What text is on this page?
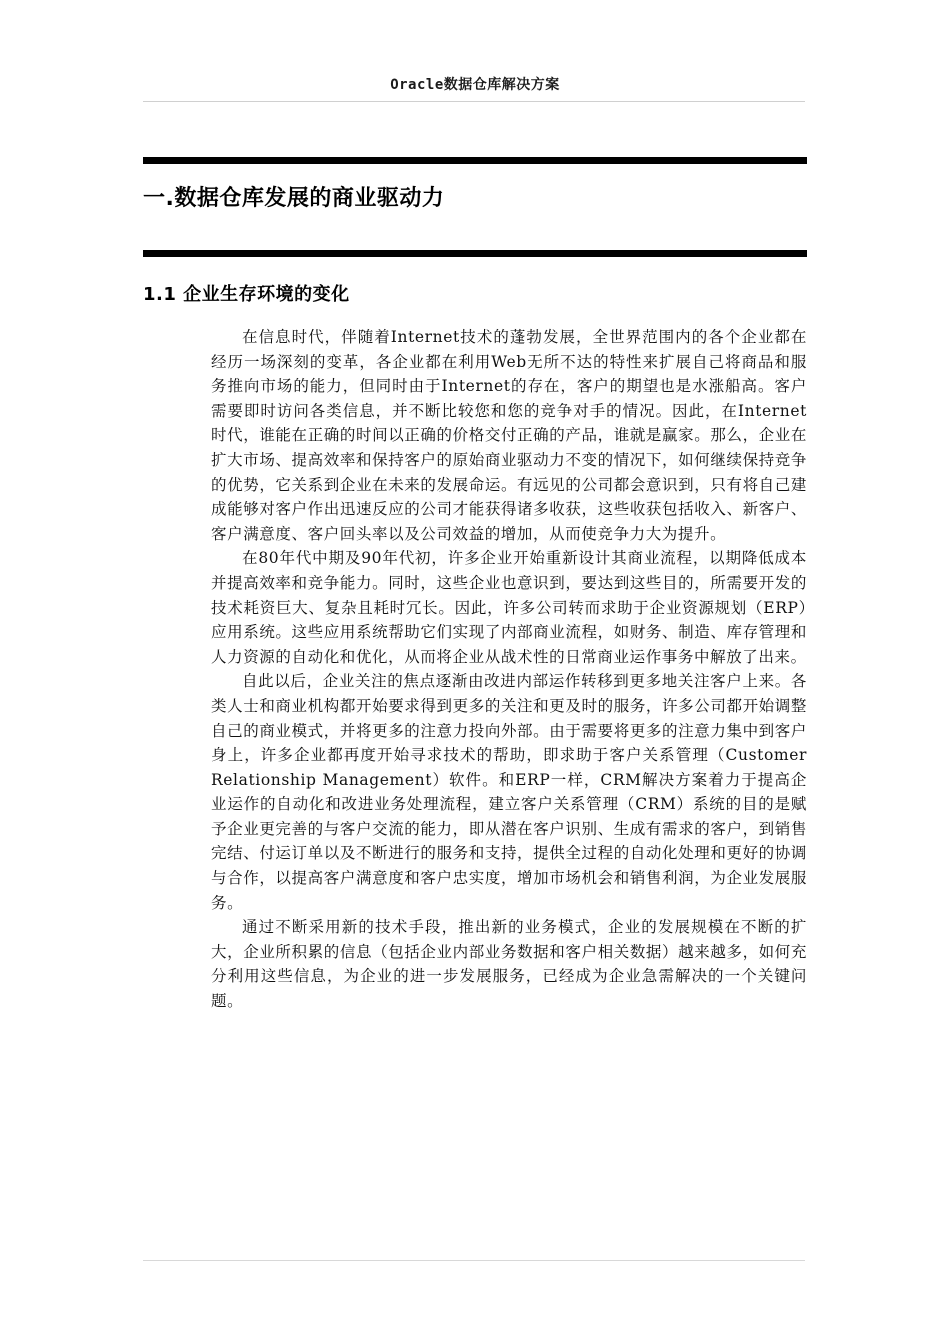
Oracle数据仓库解决方案
一.数据仓库发展的商业驱动力
1.1 企业生存环境的变化

在信息时代，伴随着Internet技术的蓬勃发展，全世界范围内的各个企业都在经历一场深刻的变革，各企业都在利用Web无所不达的特性来扩展自己将商品和服务推向市场的能力，但同时由于Internet的存在，客户的期望也是水涨船高。客户需要即时访问各类信息，并不断比较您和您的竞争对手的情况。因此，在Internet时代，谁能在正确的时间以正确的价格交付正确的产品，谁就是赢家。那么，企业在扩大市场、提高效率和保持客户的原始商业驱动力不变的情况下，如何继续保持竞争的优势，它关系到企业在未来的发展命运。有远见的公司都会意识到，只有将自己建成能够对客户作出迅速反应的公司才能获得诸多收获，这些收获包括收入、新客户、客户满意度、客户回头率以及公司效益的增加，从而使竞争力大为提升。

在80年代中期及90年代初，许多企业开始重新设计其商业流程，以期降低成本并提高效率和竞争能力。同时，这些企业也意识到，要达到这些目的，所需要开发的技术耗资巨大、复杂且耗时冗长。因此，许多公司转而求助于企业资源规划（ERP）应用系统。这些应用系统帮助它们实现了内部商业流程，如财务、制造、库存管理和人力资源的自动化和优化，从而将企业从战术性的日常商业运作事务中解放了出来。

自此以后，企业关注的焦点逐渐由改进内部运作转移到更多地关注客户上来。各类人士和商业机构都开始要求得到更多的关注和更及时的服务，许多公司都开始调整自己的商业模式，并将更多的注意力投向外部。由于需要将更多的注意力集中到客户身上，许多企业都再度开始寻求技术的帮助，即求助于客户关系管理（Customer Relationship Management）软件。和ERP一样，CRM解决方案着力于提高企业运作的自动化和改进业务处理流程，建立客户关系管理（CRM）系统的目的是赋予企业更完善的与客户交流的能力，即从潜在客户识别、生成有需求的客户，到销售完结、付运订单以及不断进行的服务和支持，提供全过程的自动化处理和更好的协调与合作，以提高客户满意度和客户忠实度，增加市场机会和销售利润，为企业发展服务。

通过不断采用新的技术手段，推出新的业务模式，企业的发展规模在不断的扩大，企业所积累的信息（包括企业内部业务数据和客户相关数据）越来越多，如何充分利用这些信息，为企业的进一步发展服务，已经成为企业急需解决的一个关键问题。
